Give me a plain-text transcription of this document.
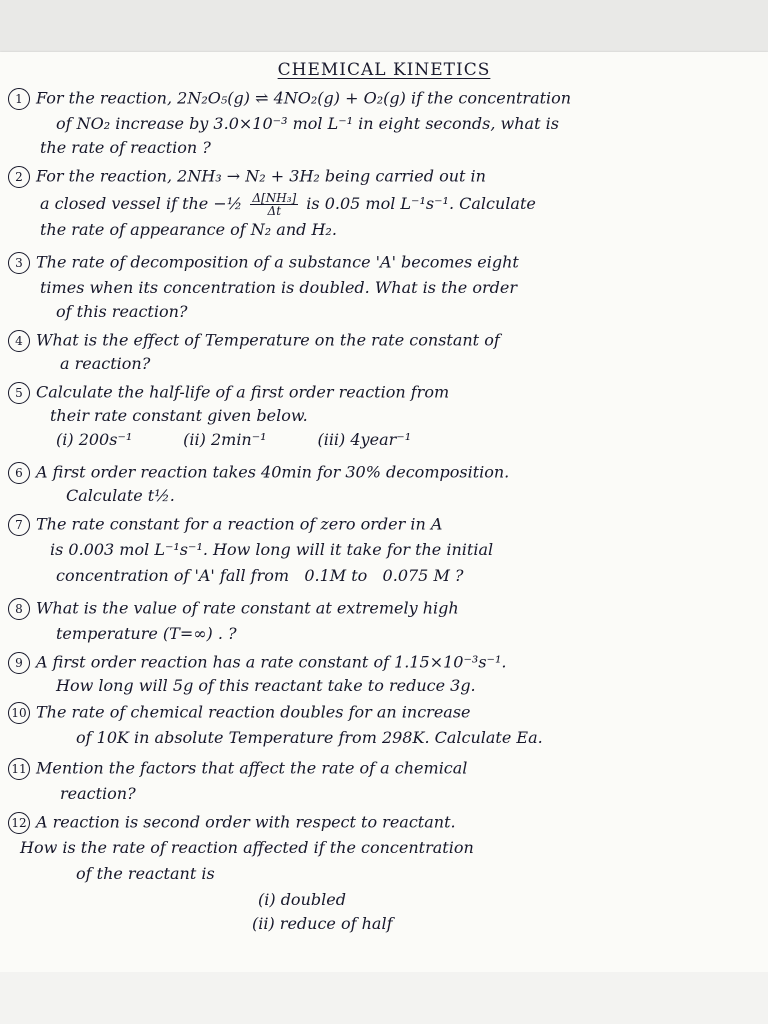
CHEMICAL KINETICS
1 For the reaction, 2N₂O₅(g) ⇌ 4NO₂(g) + O₂(g) if the concentration
of NO₂ increase by 3.0×10⁻³ mol L⁻¹ in eight seconds, what is
the rate of reaction ?
2 For the reaction, 2NH₃ → N₂ + 3H₂ being carried out in
a closed vessel if the −½ $\frac{\text{Δ[NH₃]}}{\Delta t}$ is 0.05 mol L⁻¹s⁻¹. Calculate
the rate of appearance of N₂ and H₂.
3 The rate of decomposition of a substance 'A' becomes eight
times when its concentration is doubled. What is the order
of this reaction?
4 What is the effect of Temperature on the rate constant of
a reaction?
5 Calculate the half-life of a first order reaction from
their rate constant given below.
(i) 200s⁻¹          (ii) 2min⁻¹          (iii) 4year⁻¹
6 A first order reaction takes 40min for 30% decomposition.
Calculate t½.
7 The rate constant for a reaction of zero order in A
is 0.003 mol L⁻¹s⁻¹. How long will it take for the initial
concentration of 'A' fall from   0.1M to   0.075 M ?
8 What is the value of rate constant at extremely high
temperature (T=∞) . ?
9 A first order reaction has a rate constant of 1.15×10⁻³s⁻¹.
How long will 5g of this reactant take to reduce 3g.
10 The rate of chemical reaction doubles for an increase
of 10K in absolute Temperature from 298K. Calculate Ea.
11 Mention the factors that affect the rate of a chemical
reaction?
12 A reaction is second order with respect to reactant.
How is the rate of reaction affected if the concentration
of the reactant is
(i) doubled
(ii) reduce of half
